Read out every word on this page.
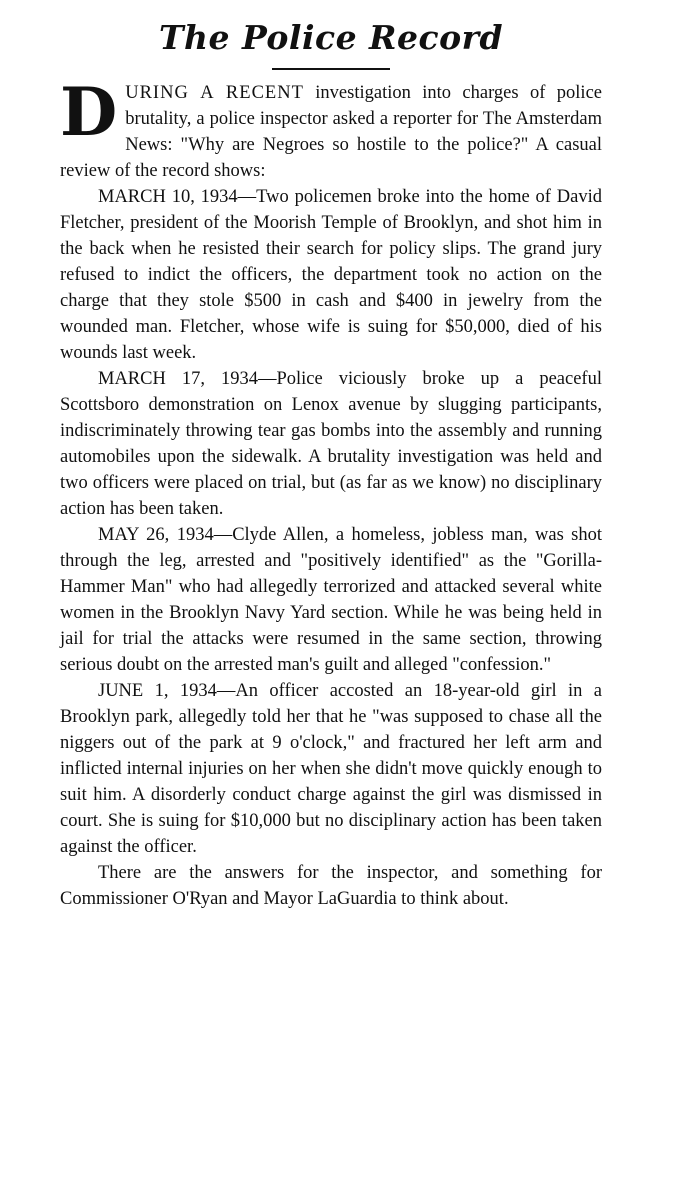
The Police Record

DURING A RECENT investigation into charges of police brutality, a police inspector asked a reporter for The Amsterdam News: "Why are Negroes so hostile to the police?" A casual review of the record shows:

MARCH 10, 1934—Two policemen broke into the home of David Fletcher, president of the Moorish Temple of Brooklyn, and shot him in the back when he resisted their search for policy slips. The grand jury refused to indict the officers, the department took no action on the charge that they stole $500 in cash and $400 in jewelry from the wounded man. Fletcher, whose wife is suing for $50,000, died of his wounds last week.

MARCH 17, 1934—Police viciously broke up a peaceful Scottsboro demonstration on Lenox avenue by slugging participants, indiscriminately throwing tear gas bombs into the assembly and running automobiles upon the sidewalk. A brutality investigation was held and two officers were placed on trial, but (as far as we know) no disciplinary action has been taken.

MAY 26, 1934—Clyde Allen, a homeless, jobless man, was shot through the leg, arrested and "positively identified" as the "Gorilla-Hammer Man" who had allegedly terrorized and attacked several white women in the Brooklyn Navy Yard section. While he was being held in jail for trial the attacks were resumed in the same section, throwing serious doubt on the arrested man's guilt and alleged "confession."

JUNE 1, 1934—An officer accosted an 18-year-old girl in a Brooklyn park, allegedly told her that he "was supposed to chase all the niggers out of the park at 9 o'clock," and fractured her left arm and inflicted internal injuries on her when she didn't move quickly enough to suit him. A disorderly conduct charge against the girl was dismissed in court. She is suing for $10,000 but no disciplinary action has been taken against the officer.

There are the answers for the inspector, and something for Commissioner O'Ryan and Mayor LaGuardia to think about.
